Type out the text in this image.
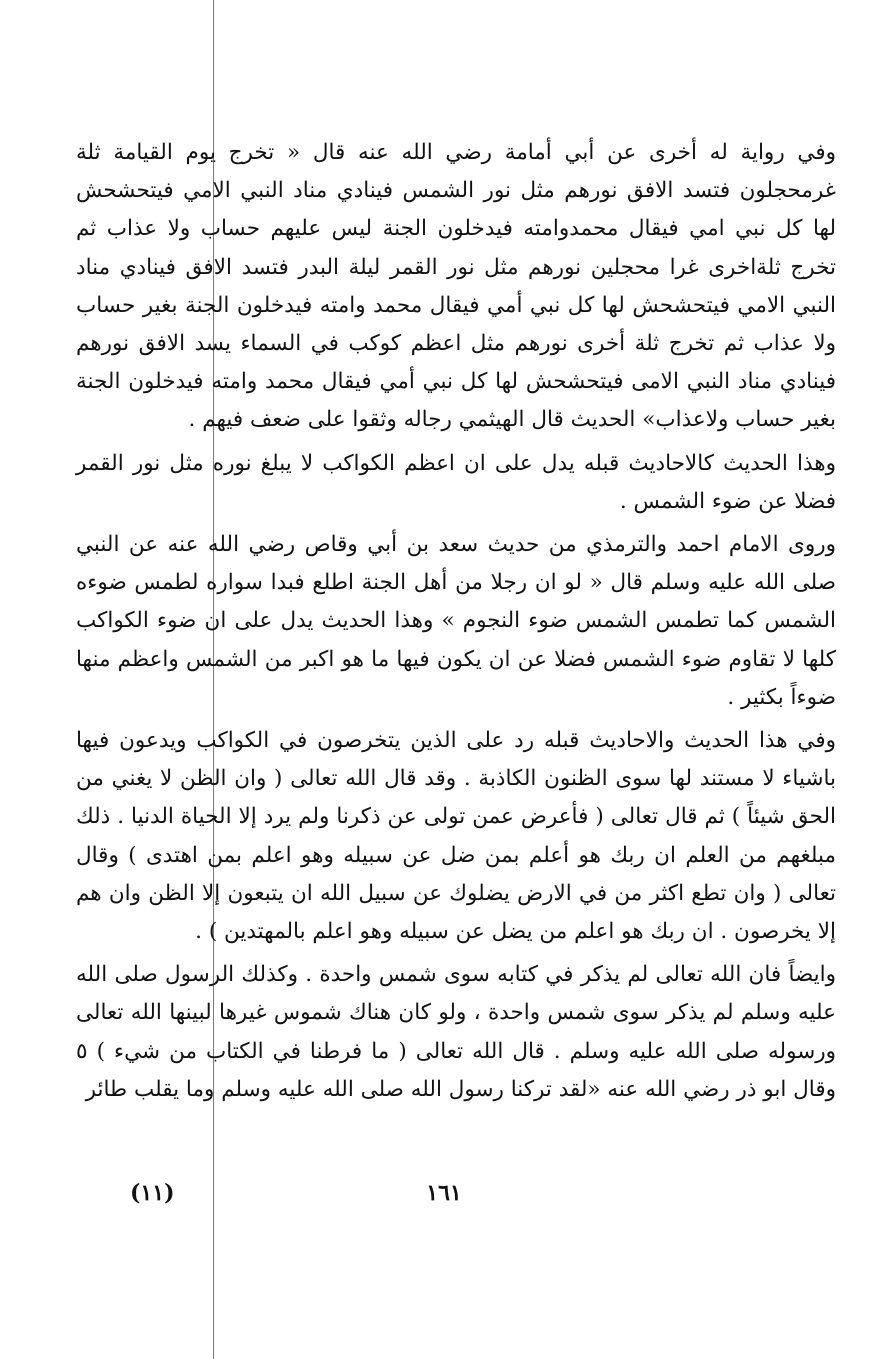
وفي رواية له أخرى عن أبي أمامة رضي الله عنه قال « تخرج يوم القيامة ثلة غرمحجلون فتسد الافق نورهم مثل نور الشمس فينادي مناد النبي الامي فيتحشحش لها كل نبي امي فيقال محمدوامته فيدخلون الجنة ليس عليهم حساب ولا عذاب ثم تخرج ثلةاخرى غرا محجلين نورهم مثل نور القمر ليلة البدر فتسد الافق فينادي مناد النبي الامي فيتحشحش لها كل نبي أمي فيقال محمد وامته فيدخلون الجنة بغير حساب ولا عذاب ثم تخرج ثلة أخرى نورهم مثل اعظم كوكب في السماء يسد الافق نورهم فينادي مناد النبي الامى فيتحشحش لها كل نبي أمي فيقال محمد وامته فيدخلون الجنة بغير حساب ولاعذاب» الحديث قال الهيثمي رجاله وثقوا على ضعف فيهم .

وهذا الحديث كالاحاديث قبله يدل على ان اعظم الكواكب لا يبلغ نوره مثل نور القمر فضلا عن ضوء الشمس .

وروى الامام احمد والترمذي من حديث سعد بن أبي وقاص رضي الله عنه عن النبي صلى الله عليه وسلم قال « لو ان رجلا من أهل الجنة اطلع فبدا سواره لطمس ضوءه الشمس كما تطمس الشمس ضوء النجوم » وهذا الحديث يدل على ان ضوء الكواكب كلها لا تقاوم ضوء الشمس فضلا عن ان يكون فيها ما هو اكبر من الشمس واعظم منها ضوءاً بكثير .

وفي هذا الحديث والاحاديث قبله رد على الذين يتخرصون في الكواكب ويدعون فيها باشياء لا مستند لها سوى الظنون الكاذبة . وقد قال الله تعالى ( وان الظن لا يغني من الحق شيئاً ) ثم قال تعالى ( فأعرض عمن تولى عن ذكرنا ولم يرد إلا الحياة الدنيا . ذلك مبلغهم من العلم ان ربك هو أعلم بمن ضل عن سبيله وهو اعلم بمن اهتدى ) وقال تعالى ( وان تطع اكثر من في الارض يضلوك عن سبيل الله ان يتبعون إلا الظن وان هم إلا يخرصون . ان ربك هو اعلم من يضل عن سبيله وهو اعلم بالمهتدين ) .

وايضاً فان الله تعالى لم يذكر في كتابه سوى شمس واحدة . وكذلك الرسول صلى الله عليه وسلم لم يذكر سوى شمس واحدة ، ولو كان هناك شموس غيرها لبينها الله تعالى ورسوله صلى الله عليه وسلم . قال الله تعالى ( ما فرطنا في الكتاب من شيء ) ٥ وقال ابو ذر رضي الله عنه «لقد تركنا رسول الله صلى الله عليه وسلم وما يقلب طائر

١٦١
(١١)
